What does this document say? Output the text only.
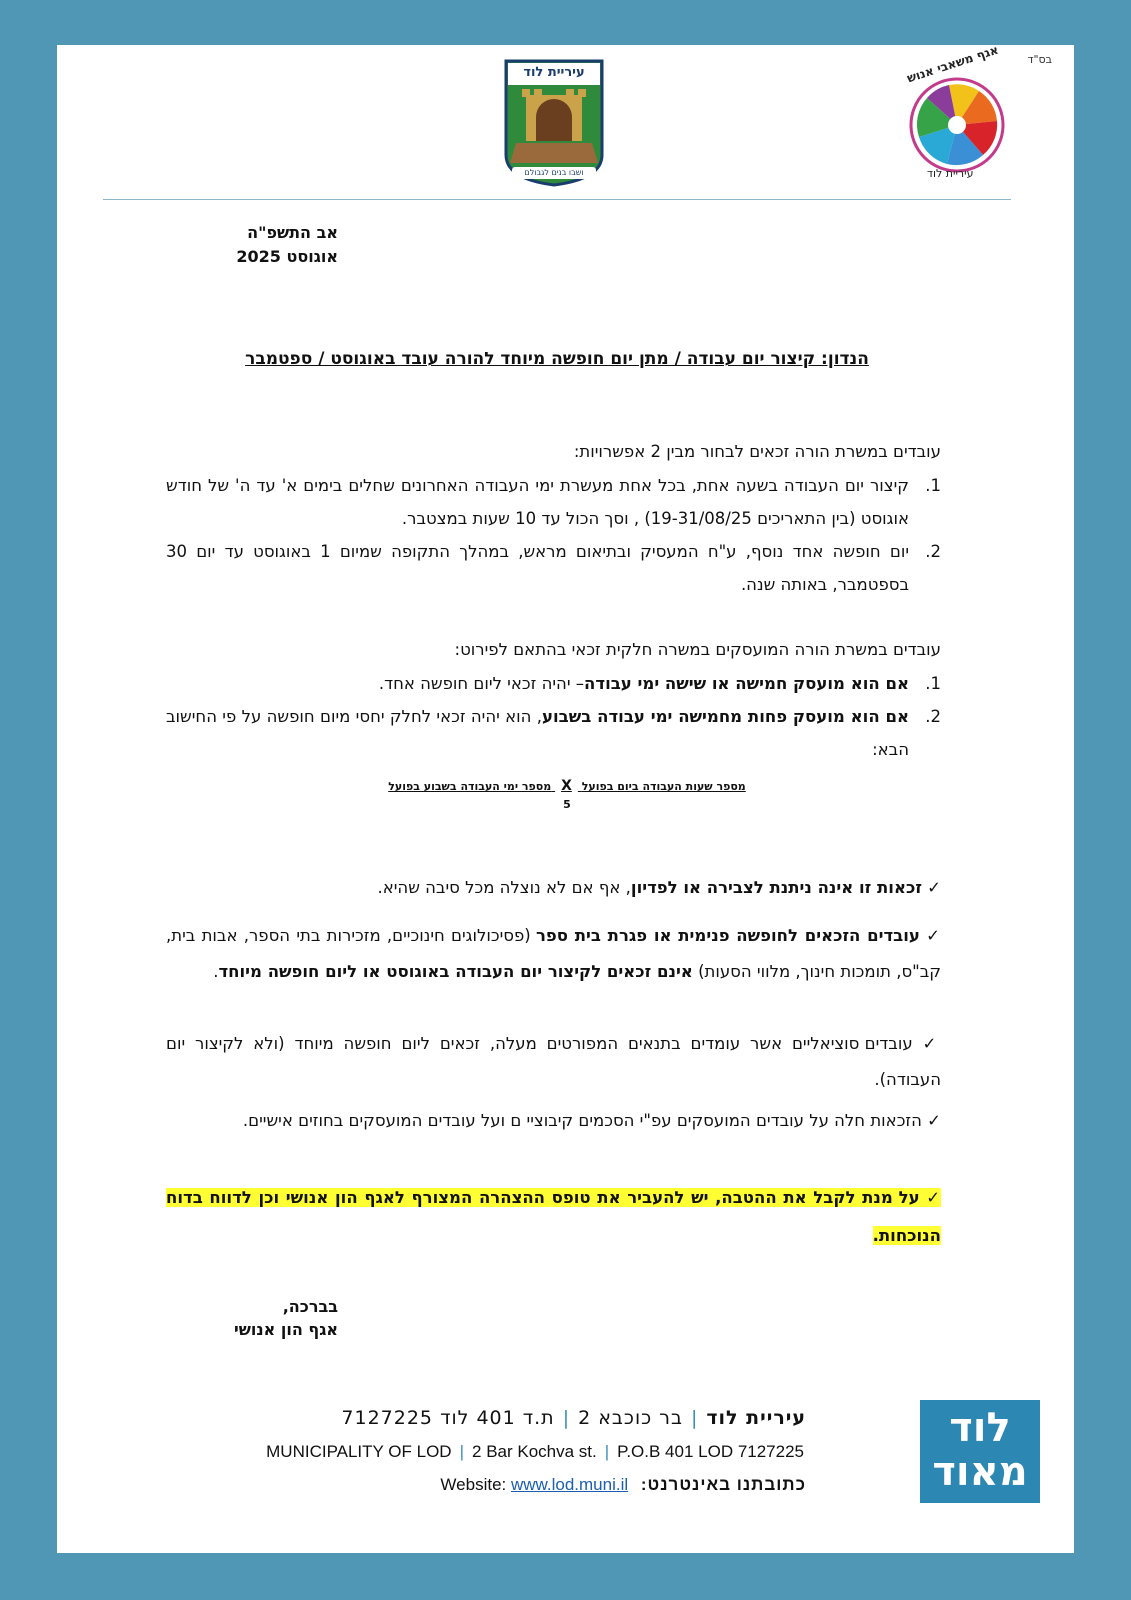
בס"ד
אגף משאבי אנוש
עיריית לוד
עיריית לוד
ושבו בנים לגבולם
אב התשפ"ה
אוגוסט 2025
הנדון: קיצור יום עבודה / מתן יום חופשה מיוחד להורה עובד באוגוסט / ספטמבר
עובדים במשרת הורה זכאים לבחור מבין 2 אפשרויות:
1.
קיצור יום העבודה בשעה אחת, בכל אחת מעשרת ימי העבודה האחרונים שחלים בימים א' עד ה' של חודש אוגוסט (בין התאריכים 19-31/08/25) , וסך הכול עד 10 שעות במצטבר.
2.
יום חופשה אחד נוסף, ע"ח המעסיק ובתיאום מראש, במהלך התקופה שמיום 1 באוגוסט עד יום 30 בספטמבר, באותה שנה.
עובדים במשרת הורה המועסקים במשרה חלקית זכאי בהתאם לפירוט:
1.
אם הוא מועסק חמישה או שישה ימי עבודה– יהיה זכאי ליום חופשה אחד.
2.
אם הוא מועסק פחות מחמישה ימי עבודה בשבוע, הוא יהיה זכאי לחלק יחסי מיום חופשה על פי החישוב הבא:
מספר שעות העבודה ביום בפועל X מספר ימי העבודה בשבוע בפועל
5
✓ זכאות זו אינה ניתנת לצבירה או לפדיון, אף אם לא נוצלה מכל סיבה שהיא.
✓ עובדים הזכאים לחופשה פנימית או פגרת בית ספר (פסיכולוגים חינוכיים, מזכירות בתי הספר, אבות בית, קב"ס, תומכות חינוך, מלווי הסעות) אינם זכאים לקיצור יום העבודה באוגוסט או ליום חופשה מיוחד.
✓ עובדים סוציאליים אשר עומדים בתנאים המפורטים מעלה, זכאים ליום חופשה מיוחד (ולא לקיצור יום העבודה).
✓ הזכאות חלה על עובדים המועסקים עפ"י הסכמים קיבוציי ם ועל עובדים המועסקים בחוזים אישיים.
✓ על מנת לקבל את ההטבה, יש להעביר את טופס ההצהרה המצורף לאגף הון אנושי וכן לדווח בדוח הנוכחות.
בברכה,
אגף הון אנושי
עיריית לוד|בר כוכבא 2|ת.ד 401 לוד 7127225
MUNICIPALITY OF LOD | 2 Bar Kochva st. | P.O.B 401 LOD 7127225
Website: www.lod.muni.il כתובתנו באינטרנט:
לוד
מאוד
